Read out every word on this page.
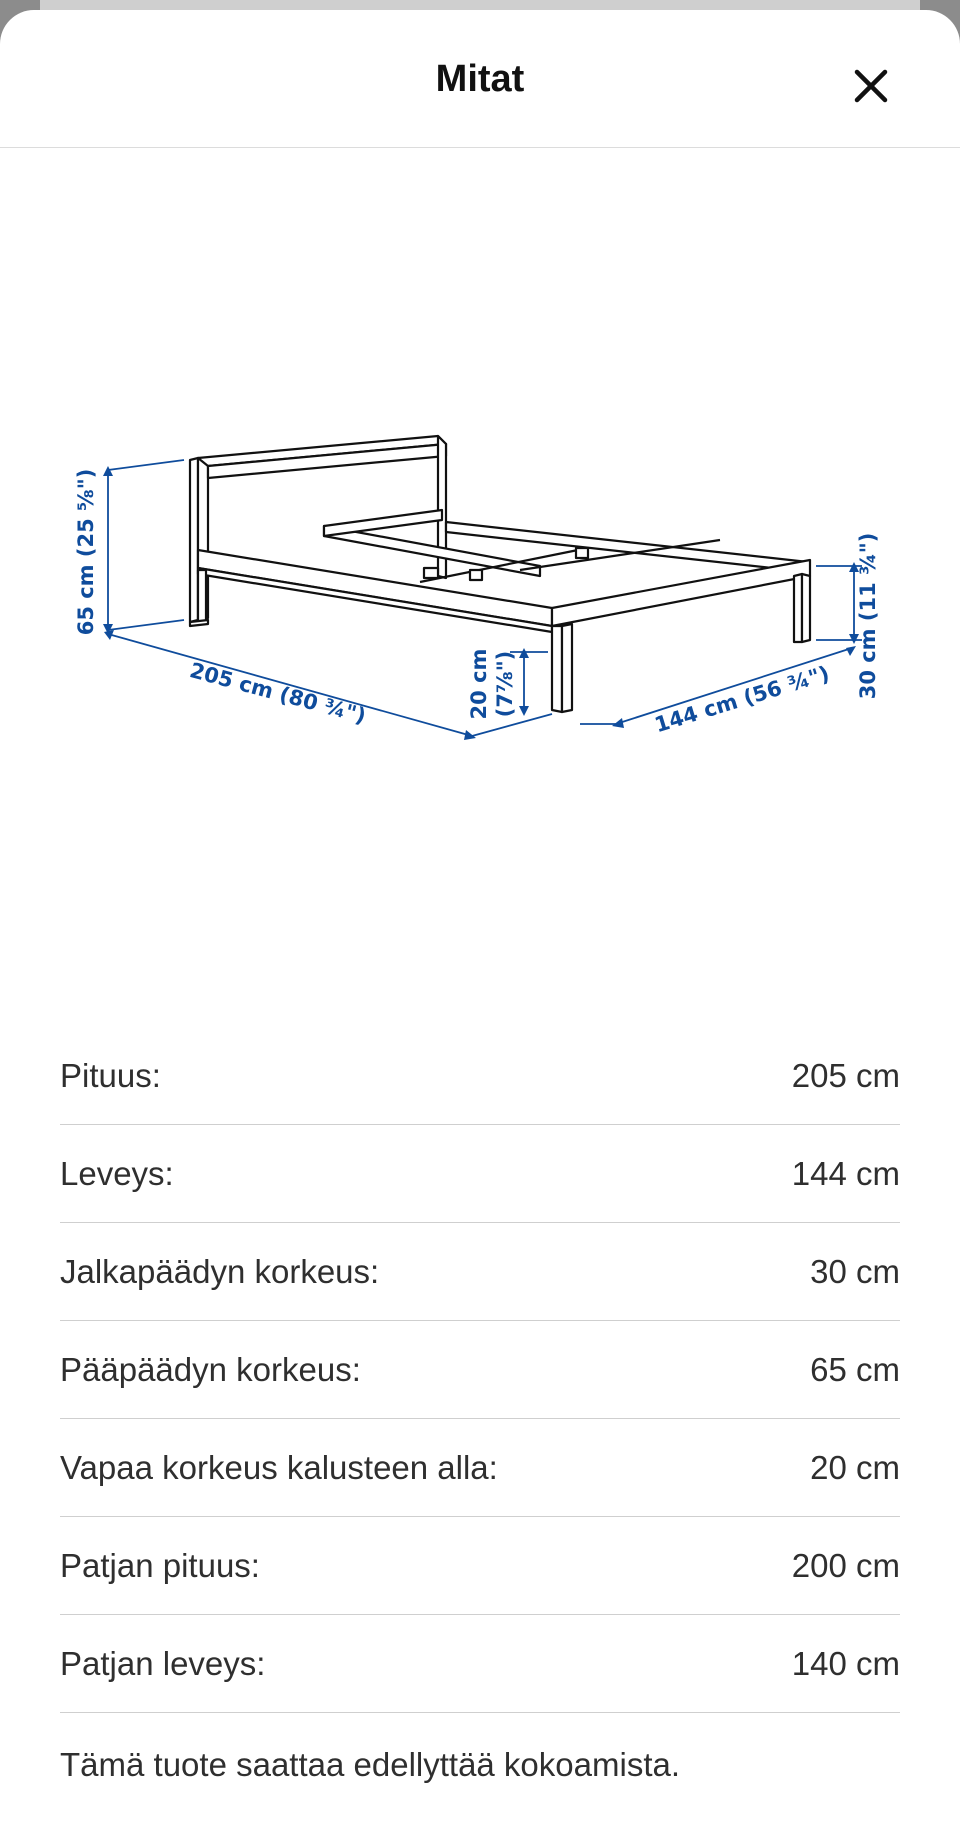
Mitat
65 cm (25 ⅝")
205 cm (80 ¾")	20 cm (7⅞")	144 cm (56 ¾")
30 cm (11 ¾")
Pituus:	205 cm
Leveys:	144 cm
Jalkapäädyn korkeus:	30 cm
Pääpäädyn korkeus:	65 cm
Vapaa korkeus kalusteen alla:	20 cm
Patjan pituus:	200 cm
Patjan leveys:	140 cm
Tämä tuote saattaa edellyttää kokoamista.
